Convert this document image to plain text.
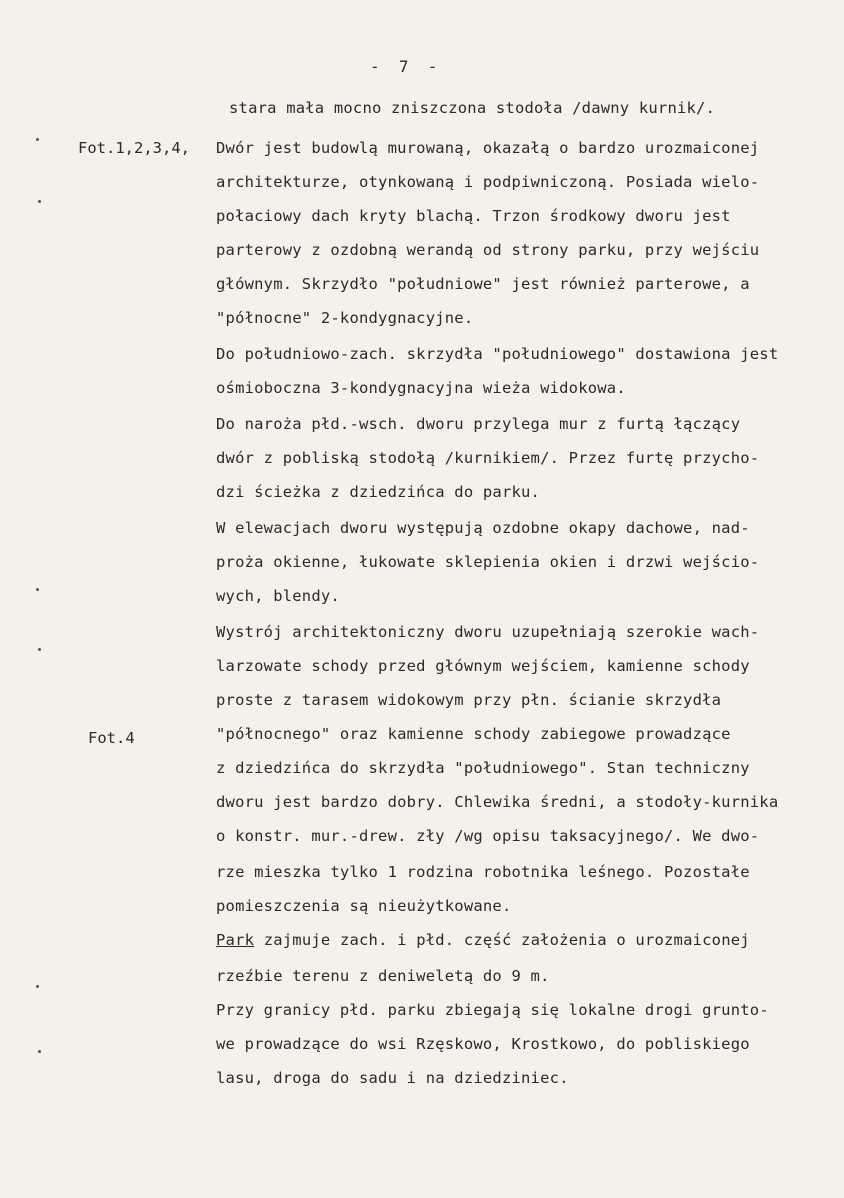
-  7  -
Fot.1,2,3,4,
Fot.4
stara mała mocno zniszczona stodoła /dawny kurnik/.
Dwór jest budowlą murowaną, okazałą o bardzo urozmaiconej
architekturze, otynkowaną i podpiwniczoną. Posiada wielo-
połaciowy dach kryty blachą. Trzon środkowy dworu jest
parterowy z ozdobną werandą od strony parku, przy wejściu
głównym. Skrzydło "południowe" jest również parterowe, a
"północne" 2-kondygnacyjne.
Do południowo-zach. skrzydła "południowego" dostawiona jest
ośmioboczna 3-kondygnacyjna wieża widokowa.
Do naroża płd.-wsch. dworu przylega mur z furtą łączący
dwór z pobliską stodołą /kurnikiem/. Przez furtę przycho-
dzi ścieżka z dziedzińca do parku.
W elewacjach dworu występują ozdobne okapy dachowe, nad-
proża okienne, łukowate sklepienia okien i drzwi wejścio-
wych, blendy.
Wystrój architektoniczny dworu uzupełniają szerokie wach-
larzowate schody przed głównym wejściem, kamienne schody
proste z tarasem widokowym przy płn. ścianie skrzydła
"północnego" oraz kamienne schody zabiegowe prowadzące
z dziedzińca do skrzydła "południowego". Stan techniczny
dworu jest bardzo dobry. Chlewika średni, a stodoły-kurnika
o konstr. mur.-drew. zły /wg opisu taksacyjnego/. We dwo-
rze mieszka tylko 1 rodzina robotnika leśnego. Pozostałe
pomieszczenia są nieużytkowane.
Park zajmuje zach. i płd. część założenia o urozmaiconej
rzeźbie terenu z deniweletą do 9 m.
Przy granicy płd. parku zbiegają się lokalne drogi grunto-
we prowadzące do wsi Rzęskowo, Krostkowo, do pobliskiego
lasu, droga do sadu i na dziedziniec.
